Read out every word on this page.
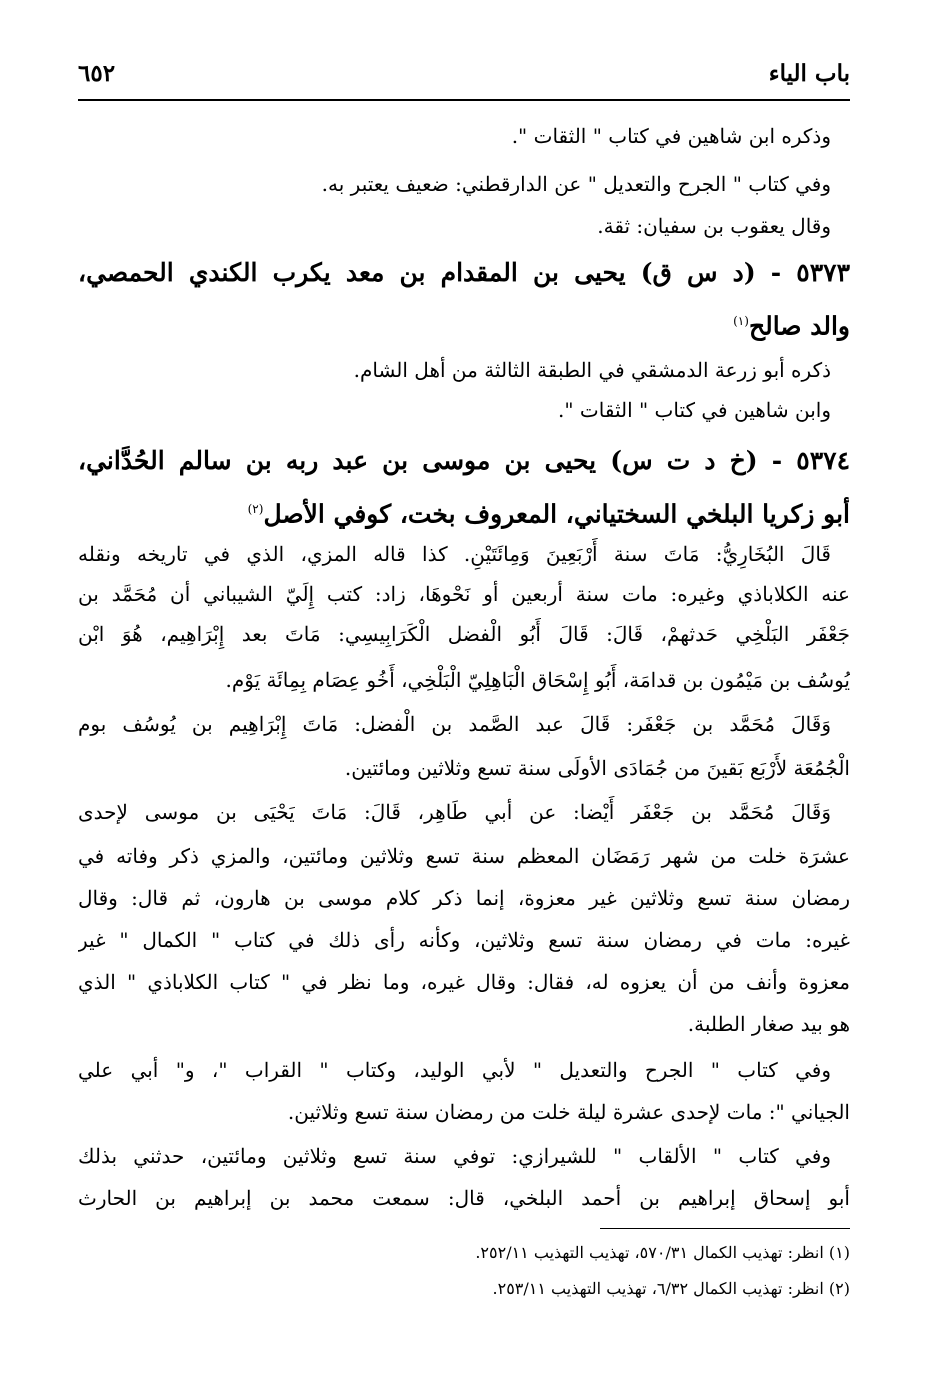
باب الياء
٦٥٢
وذكره ابن شاهين في كتاب " الثقات ".
وفي كتاب " الجرح والتعديل " عن الدارقطني: ضعيف يعتبر به.
وقال يعقوب بن سفيان: ثقة.
٥٣٧٣ - (د س ق) يحيى بن المقدام بن معد يكرب الكندي الحمصي،
والد صالح$^{(١)}$
ذكره أبو زرعة الدمشقي في الطبقة الثالثة من أهل الشام.
وابن شاهين في كتاب " الثقات ".
٥٣٧٤ - (خ د ت س) يحيى بن موسى بن عبد ربه بن سالم الحُدَّاني،
أبو زكريا البلخي السختياني، المعروف بخت، كوفي الأصل$^{(٢)}$
قَالَ البُخَارِيُّ: مَاتَ سنة أَرْبَعِينَ وَمِائَتَيْنِ. كذا قاله المزي، الذي في تاريخه ونقله
عنه الكلاباذي وغيره: مات سنة أربعين أو نَحْوهَا، زاد: كتب إِلَيّ الشيباني أن مُحَمَّد بن
جَعْفَر البَلْخِي حَدثهمْ، قَالَ: قَالَ أَبُو الْفضل الْكَرَابِيسِي: مَاتَ بعد إِبْرَاهِيم، هُوَ ابْن
يُوسُف بن مَيْمُون بن قدامَة، أَبُو إِسْحَاق الْبَاهِلِيّ الْبَلْخِي، أَخُو عِصَام بِمِائَة يَوْم.
وَقَالَ مُحَمَّد بن جَعْفَر: قَالَ عبد الصَّمد بن الْفضل: مَاتَ إِبْرَاهِيم بن يُوسُف بوم
الْجُمُعَة لأَرْبَع بَقينَ من جُمَادَى الأولَى سنة تسع وثلاثين ومائتين.
وَقَالَ مُحَمَّد بن جَعْفَر أَيْضا: عن أبي طَاهِر، قَالَ: مَاتَ يَحْيَى بن موسى لإحدى
عشرَة خلت من شهر رَمَضَان المعظم سنة تسع وثلاثين ومائتين، والمزي ذكر وفاته في
رمضان سنة تسع وثلاثين غير معزوة، إنما ذكر كلام موسى بن هارون، ثم قال: وقال
غيره: مات في رمضان سنة تسع وثلاثين، وكأنه رأى ذلك في كتاب " الكمال " غير
معزوة وأنف من أن يعزوه له، فقال: وقال غيره، وما نظر في " كتاب الكلاباذي " الذي
هو بيد صغار الطلبة.
وفي كتاب " الجرح والتعديل " لأبي الوليد، وكتاب " القراب "، و" أبي علي
الجياني ": مات لإحدى عشرة ليلة خلت من رمضان سنة تسع وثلاثين.
وفي كتاب " الألقاب " للشيرازي: توفي سنة تسع وثلاثين ومائتين، حدثني بذلك
أبو إسحاق إبراهيم بن أحمد البلخي، قال: سمعت محمد بن إبراهيم بن الحارث
(١) انظر: تهذيب الكمال ٥٧٠/٣١، تهذيب التهذيب ٢٥٢/١١.
(٢) انظر: تهذيب الكمال ٦/٣٢، تهذيب التهذيب ٢٥٣/١١.
